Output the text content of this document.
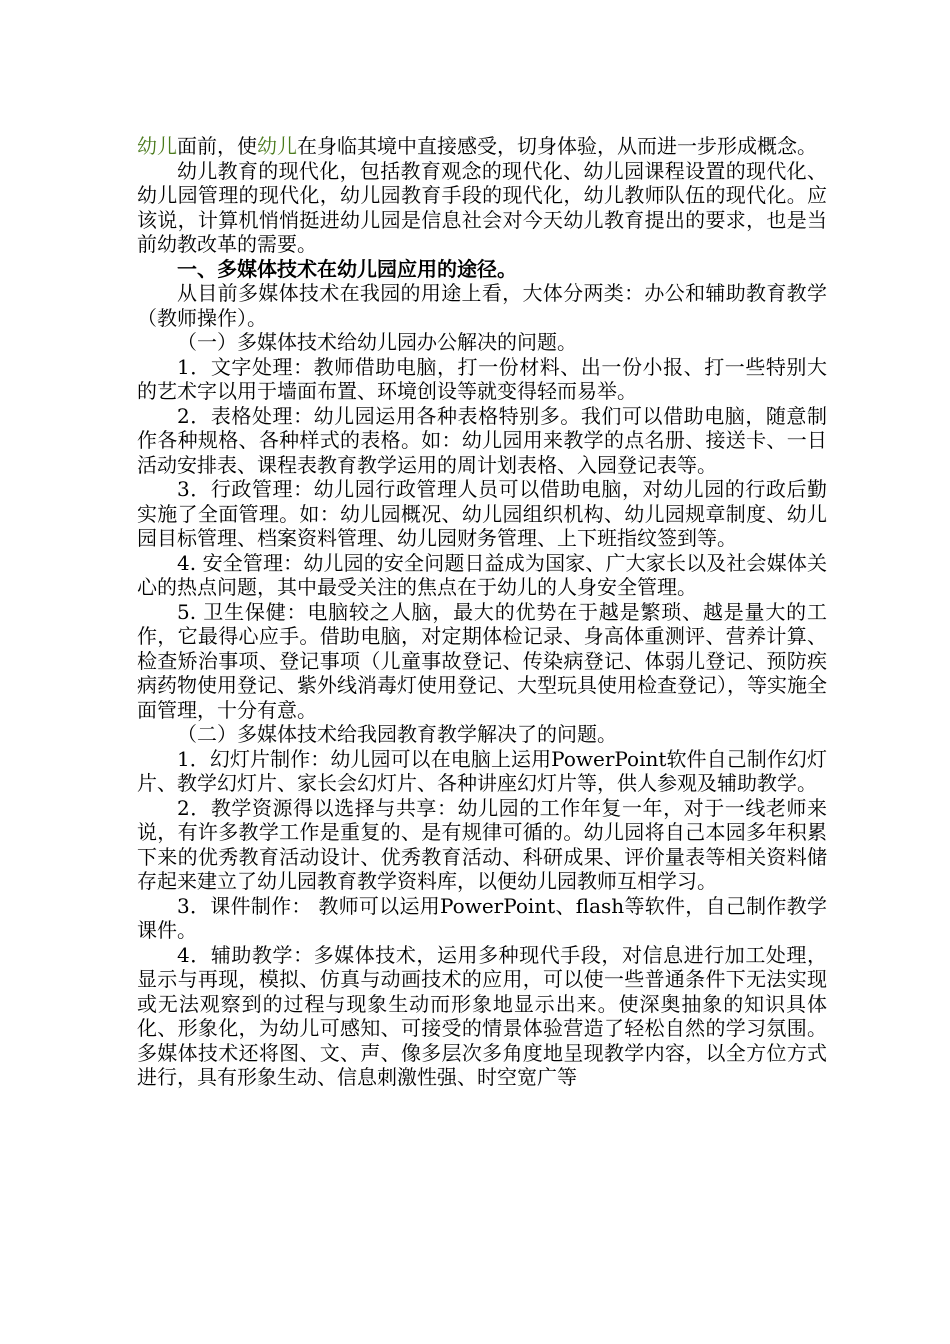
幼儿面前，使幼儿在身临其境中直接感受，切身体验，从而进一步形成概念。

幼儿教育的现代化，包括教育观念的现代化、幼儿园课程设置的现代化、幼儿园管理的现代化，幼儿园教育手段的现代化，幼儿教师队伍的现代化。应该说，计算机悄悄挺进幼儿园是信息社会对今天幼儿教育提出的要求，也是当前幼教改革的需要。

一、多媒体技术在幼儿园应用的途径。

从目前多媒体技术在我园的用途上看，大体分两类：办公和辅助教育教学（教师操作）。

（一）多媒体技术给幼儿园办公解决的问题。

1．文字处理：教师借助电脑，打一份材料、出一份小报、打一些特别大的艺术字以用于墙面布置、环境创设等就变得轻而易举。

2．表格处理：幼儿园运用各种表格特别多。我们可以借助电脑，随意制作各种规格、各种样式的表格。如：幼儿园用来教学的点名册、接送卡、一日活动安排表、课程表教育教学运用的周计划表格、入园登记表等。

3．行政管理：幼儿园行政管理人员可以借助电脑，对幼儿园的行政后勤实施了全面管理。如：幼儿园概况、幼儿园组织机构、幼儿园规章制度、幼儿园目标管理、档案资料管理、幼儿园财务管理、上下班指纹签到等。

4. 安全管理：幼儿园的安全问题日益成为国家、广大家长以及社会媒体关心的热点问题，其中最受关注的焦点在于幼儿的人身安全管理。

5. 卫生保健：电脑较之人脑，最大的优势在于越是繁琐、越是量大的工作，它最得心应手。借助电脑，对定期体检记录、身高体重测评、营养计算、检查矫治事项、登记事项（儿童事故登记、传染病登记、体弱儿登记、预防疾病药物使用登记、紫外线消毒灯使用登记、大型玩具使用检查登记），等实施全面管理，十分有意。

（二）多媒体技术给我园教育教学解决了的问题。

1．幻灯片制作：幼儿园可以在电脑上运用PowerPoint软件自己制作幻灯片、教学幻灯片、家长会幻灯片、各种讲座幻灯片等，供人参观及辅助教学。

2．教学资源得以选择与共享：幼儿园的工作年复一年，对于一线老师来说，有许多教学工作是重复的、是有规律可循的。幼儿园将自己本园多年积累下来的优秀教育活动设计、优秀教育活动、科研成果、评价量表等相关资料储存起来建立了幼儿园教育教学资料库，以便幼儿园教师互相学习。

3．课件制作： 教师可以运用PowerPoint、flash等软件，自己制作教学课件。

4．辅助教学：多媒体技术，运用多种现代手段，对信息进行加工处理，显示与再现，模拟、仿真与动画技术的应用，可以使一些普通条件下无法实现或无法观察到的过程与现象生动而形象地显示出来。使深奥抽象的知识具体化、形象化，为幼儿可感知、可接受的情景体验营造了轻松自然的学习氛围。多媒体技术还将图、文、声、像多层次多角度地呈现教学内容，以全方位方式进行，具有形象生动、信息刺激性强、时空宽广等
